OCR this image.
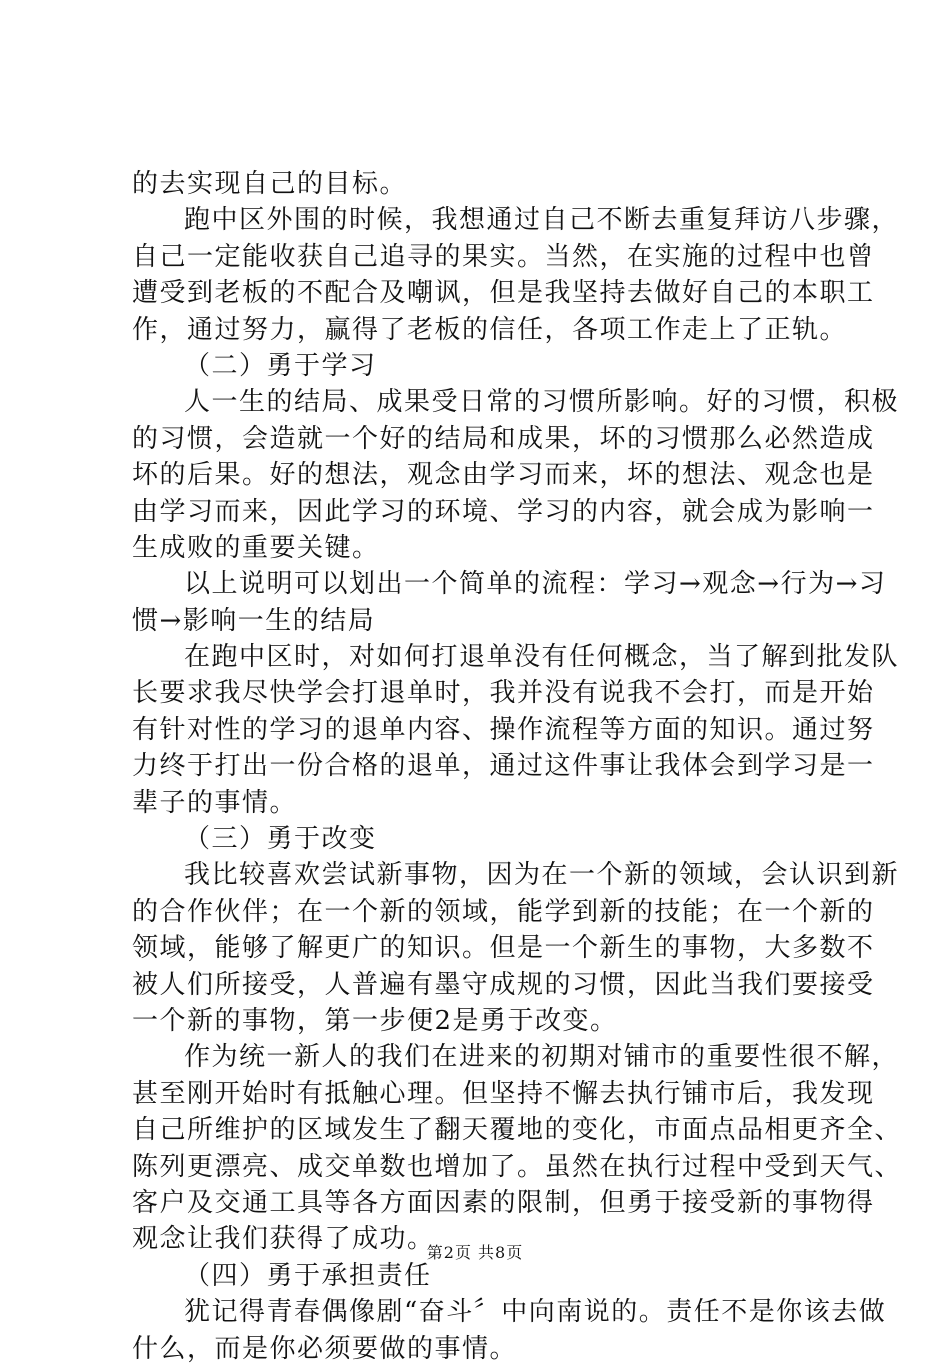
的去实现自己的目标。
跑中区外围的时候，我想通过自己不断去重复拜访八步骤，
自己一定能收获自己追寻的果实。当然，在实施的过程中也曾
遭受到老板的不配合及嘲讽，但是我坚持去做好自己的本职工
作，通过努力，赢得了老板的信任，各项工作走上了正轨。
（二）勇于学习
人一生的结局、成果受日常的习惯所影响。好的习惯，积极
的习惯，会造就一个好的结局和成果，坏的习惯那么必然造成
坏的后果。好的想法，观念由学习而来，坏的想法、观念也是
由学习而来，因此学习的环境、学习的内容，就会成为影响一
生成败的重要关键。
以上说明可以划出一个简单的流程：学习→观念→行为→习
惯→影响一生的结局
在跑中区时，对如何打退单没有任何概念，当了解到批发队
长要求我尽快学会打退单时，我并没有说我不会打，而是开始
有针对性的学习的退单内容、操作流程等方面的知识。通过努
力终于打出一份合格的退单，通过这件事让我体会到学习是一
辈子的事情。
（三）勇于改变
我比较喜欢尝试新事物，因为在一个新的领域，会认识到新
的合作伙伴；在一个新的领域，能学到新的技能；在一个新的
领域，能够了解更广的知识。但是一个新生的事物，大多数不
被人们所接受，人普遍有墨守成规的习惯，因此当我们要接受
一个新的事物，第一步便2是勇于改变。
作为统一新人的我们在进来的初期对铺市的重要性很不解，
甚至刚开始时有抵触心理。但坚持不懈去执行铺市后，我发现
自己所维护的区域发生了翻天覆地的变化，市面点品相更齐全、
陈列更漂亮、成交单数也增加了。虽然在执行过程中受到天气、
客户及交通工具等各方面因素的限制，但勇于接受新的事物得
观念让我们获得了成功。
（四）勇于承担责任
犹记得青春偶像剧“奋斗〞中向南说的。责任不是你该去做
什么，而是你必须要做的事情。
第2页 共8页
